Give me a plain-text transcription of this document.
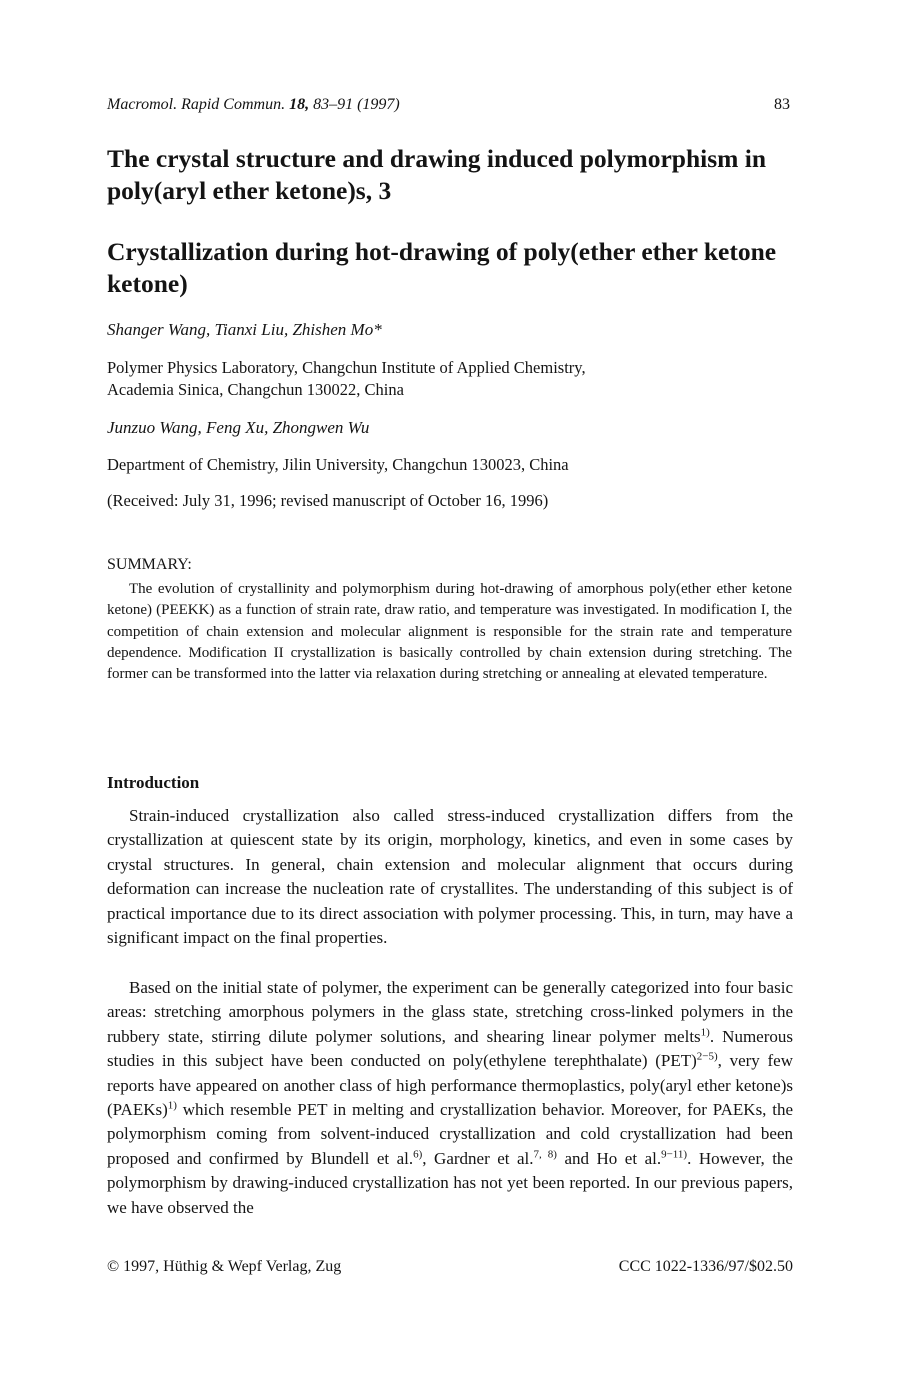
Macromol. Rapid Commun. 18, 83–91 (1997)	83
The crystal structure and drawing induced polymorphism in poly(aryl ether ketone)s, 3
Crystallization during hot-drawing of poly(ether ether ketone ketone)
Shanger Wang, Tianxi Liu, Zhishen Mo*
Polymer Physics Laboratory, Changchun Institute of Applied Chemistry,
Academia Sinica, Changchun 130022, China
Junzuo Wang, Feng Xu, Zhongwen Wu
Department of Chemistry, Jilin University, Changchun 130023, China
(Received: July 31, 1996; revised manuscript of October 16, 1996)
SUMMARY:

The evolution of crystallinity and polymorphism during hot-drawing of amorphous poly(ether ether ketone ketone) (PEEKK) as a function of strain rate, draw ratio, and temperature was investigated. In modification I, the competition of chain extension and molecular alignment is responsible for the strain rate and temperature dependence. Modification II crystallization is basically controlled by chain extension during stretching. The former can be transformed into the latter via relaxation during stretching or annealing at elevated temperature.

Introduction

Strain-induced crystallization also called stress-induced crystallization differs from the crystallization at quiescent state by its origin, morphology, kinetics, and even in some cases by crystal structures. In general, chain extension and molecular alignment that occurs during deformation can increase the nucleation rate of crystallites. The understanding of this subject is of practical importance due to its direct association with polymer processing. This, in turn, may have a significant impact on the final properties.

Based on the initial state of polymer, the experiment can be generally categorized into four basic areas: stretching amorphous polymers in the glass state, stretching cross-linked polymers in the rubbery state, stirring dilute polymer solutions, and shearing linear polymer melts$^{1)}$. Numerous studies in this subject have been conducted on poly(ethylene terephthalate) (PET)$^{2-5)}$, very few reports have appeared on another class of high performance thermoplastics, poly(aryl ether ketone)s (PAEKs)$^{1)}$ which resemble PET in melting and crystallization behavior. Moreover, for PAEKs, the polymorphism coming from solvent-induced crystallization and cold crystallization had been proposed and confirmed by Blundell et al.$^{6)}$, Gardner et al.$^{7, 8)}$ and Ho et al.$^{9-11)}$. However, the polymorphism by drawing-induced crystallization has not yet been reported. In our previous papers, we have observed the

© 1997, Hüthig & Wepf Verlag, Zug	CCC 1022-1336/97/$02.50
